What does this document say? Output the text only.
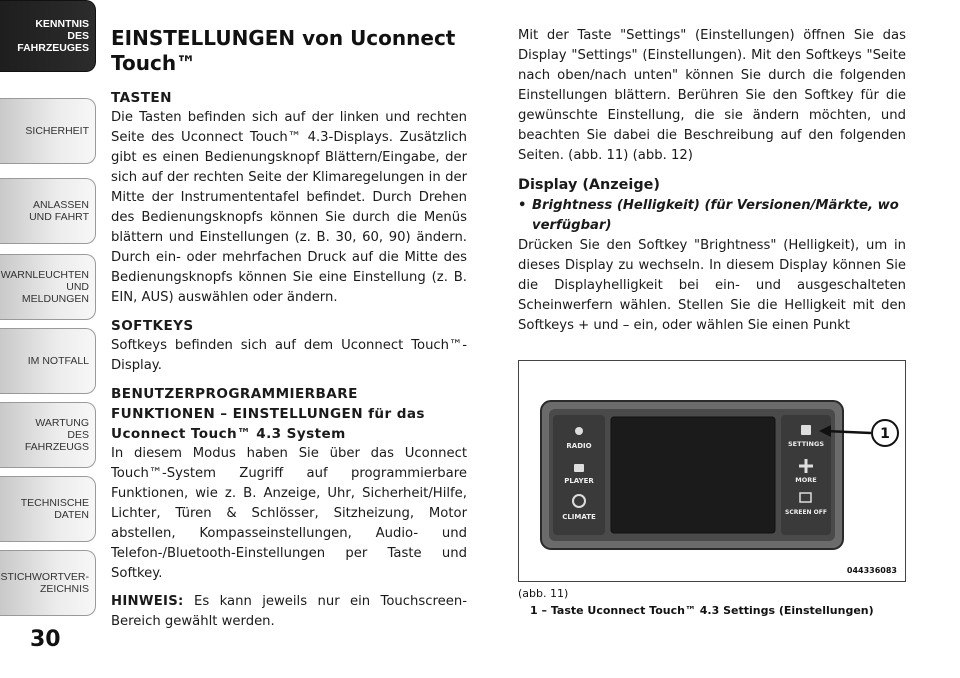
KENNTNIS
DES
FAHRZEUGES
SICHERHEIT
ANLASSEN
UND FAHRT
WARNLEUCHTEN
UND
MELDUNGEN
IM NOTFALL
WARTUNG
DES
FAHRZEUGS
TECHNISCHE
DATEN
STICHWORTVER-
ZEICHNIS
30
EINSTELLUNGEN von Uconnect Touch™
TASTEN

Die Tasten befinden sich auf der linken und rechten Seite des Uconnect Touch™ 4.3-Displays. Zusätzlich gibt es einen Bedienungsknopf Blättern/Eingabe, der sich auf der rechten Seite der Klimaregelungen in der Mitte der Instrumententafel befindet. Durch Drehen des Bedienungsknopfs können Sie durch die Menüs blättern und Einstellungen (z. B. 30, 60, 90) ändern. Durch ein- oder mehrfachen Druck auf die Mitte des Bedienungsknopfs können Sie eine Einstellung (z. B. EIN, AUS) auswählen oder ändern.

SOFTKEYS

Softkeys befinden sich auf dem Uconnect Touch™-Display.

BENUTZERPROGRAMMIERBARE FUNKTIONEN – EINSTELLUNGEN für das Uconnect Touch™ 4.3 System

In diesem Modus haben Sie über das Uconnect Touch™-System Zugriff auf programmierbare Funktionen, wie z. B. Anzeige, Uhr, Sicherheit/Hilfe, Lichter, Türen & Schlösser, Sitzheizung, Motor abstellen, Kompasseinstellungen, Audio- und Telefon-/Bluetooth-Einstellungen per Taste und Softkey.

HINWEIS: Es kann jeweils nur ein Touchscreen-Bereich gewählt werden.

Mit der Taste "Settings" (Einstellungen) öffnen Sie das Display "Settings" (Einstellungen). Mit den Softkeys "Seite nach oben/nach unten" können Sie durch die folgenden Einstellungen blättern. Berühren Sie den Softkey für die gewünschte Einstellung, die sie ändern möchten, und beachten Sie dabei die Beschreibung auf den folgenden Seiten. (abb. 11) (abb. 12)

Display (Anzeige)
• Brightness (Helligkeit) (für Versionen/Märkte, wo verfügbar)

Drücken Sie den Softkey "Brightness" (Helligkeit), um in dieses Display zu wechseln. In diesem Display können Sie die Displayhelligkeit bei ein- und ausgeschalteten Scheinwerfern wählen. Stellen Sie die Helligkeit mit den Softkeys + und – ein, oder wählen Sie einen Punkt

RADIO
PLAYER
CLIMATE
SETTINGS
MORE
SCREEN OFF
1
044336083
(abb. 11)
1 – Taste Uconnect Touch™ 4.3 Settings (Einstellungen)
